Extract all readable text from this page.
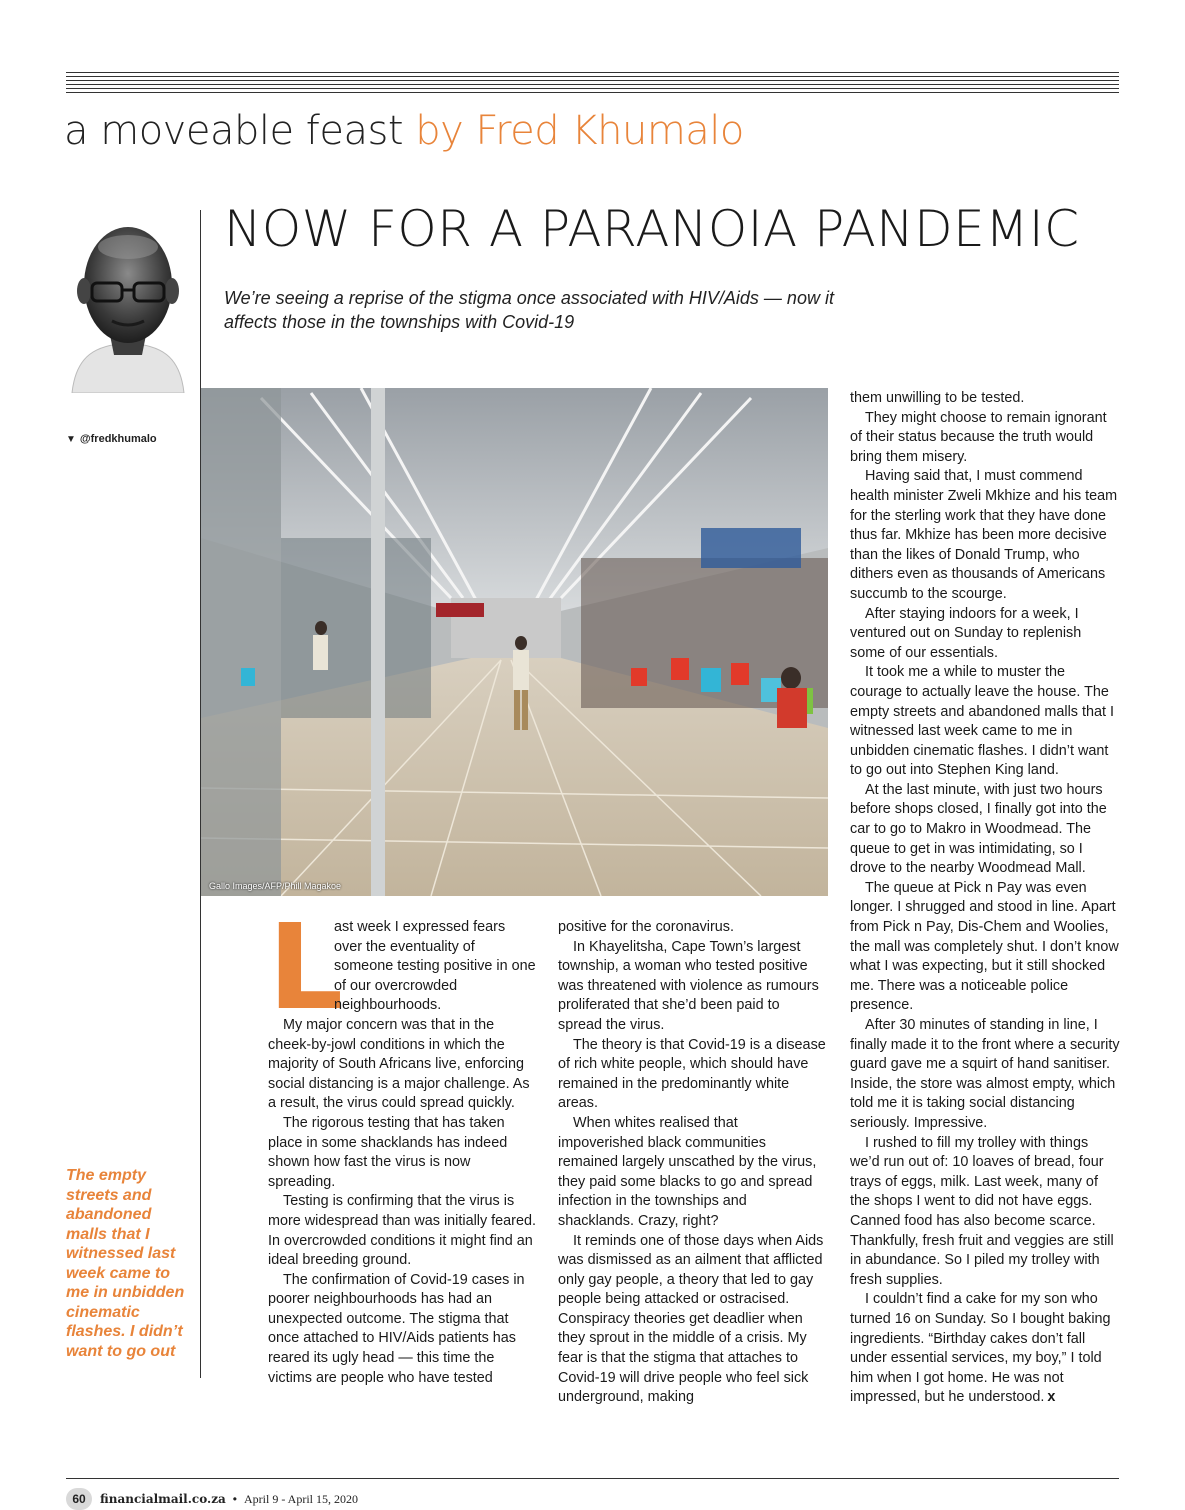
a moveable feast by Fred Khumalo
▼ @fredkhumalo
NOW FOR A PARANOIA PANDEMIC
We’re seeing a reprise of the stigma once associated with HIV/Aids — now it affects those in the townships with Covid-19
Gallo Images/AFP/Phill Magakoe

L
ast week I expressed fears over the eventuality of someone testing positive in one of our overcrowded neighbourhoods.

My major concern was that in the cheek-by-jowl conditions in which the majority of South Africans live, enforcing social distancing is a major challenge. As a result, the virus could spread quickly.

The rigorous testing that has taken place in some shacklands has indeed shown how fast the virus is now spreading.

Testing is confirming that the virus is more widespread than was initially feared. In overcrowded conditions it might find an ideal breeding ground.

The confirmation of Covid-19 cases in poorer neighbourhoods has had an unexpected outcome. The stigma that once attached to HIV/Aids patients has reared its ugly head — this time the victims are people who have tested

positive for the coronavirus.

In Khayelitsha, Cape Town’s largest township, a woman who tested positive was threatened with violence as rumours proliferated that she’d been paid to spread the virus.

The theory is that Covid-19 is a disease of rich white people, which should have remained in the predominantly white areas.

When whites realised that impoverished black communities remained largely unscathed by the virus, they paid some blacks to go and spread infection in the townships and shacklands. Crazy, right?

It reminds one of those days when Aids was dismissed as an ailment that afflicted only gay people, a theory that led to gay people being attacked or ostracised. Conspiracy theories get deadlier when they sprout in the middle of a crisis. My fear is that the stigma that attaches to Covid-19 will drive people who feel sick underground, making

them unwilling to be tested.

They might choose to remain ignorant of their status because the truth would bring them misery.

Having said that, I must commend health minister Zweli Mkhize and his team for the sterling work that they have done thus far. Mkhize has been more decisive than the likes of Donald Trump, who dithers even as thousands of Americans succumb to the scourge.

After staying indoors for a week, I ventured out on Sunday to replenish some of our essentials.

It took me a while to muster the courage to actually leave the house. The empty streets and abandoned malls that I witnessed last week came to me in unbidden cinematic flashes. I didn’t want to go out into Stephen King land.

At the last minute, with just two hours before shops closed, I finally got into the car to go to Makro in Woodmead. The queue to get in was intimidating, so I drove to the nearby Woodmead Mall.

The queue at Pick n Pay was even longer. I shrugged and stood in line. Apart from Pick n Pay, Dis-Chem and Woolies, the mall was completely shut. I don’t know what I was expecting, but it still shocked me. There was a noticeable police presence.

After 30 minutes of standing in line, I finally made it to the front where a security guard gave me a squirt of hand sanitiser. Inside, the store was almost empty, which told me it is taking social distancing seriously. Impressive.

I rushed to fill my trolley with things we’d run out of: 10 loaves of bread, four trays of eggs, milk. Last week, many of the shops I went to did not have eggs. Canned food has also become scarce. Thankfully, fresh fruit and veggies are still in abundance. So I piled my trolley with fresh supplies.

I couldn’t find a cake for my son who turned 16 on Sunday. So I bought baking ingredients. “Birthday cakes don’t fall under essential services, my boy,” I told him when I got home. He was not impressed, but he understood. x

The empty streets and abandoned malls that I witnessed last week came to me in unbidden cinematic flashes. I didn’t want to go out
60	financialmail.co.za • April 9 - April 15, 2020
